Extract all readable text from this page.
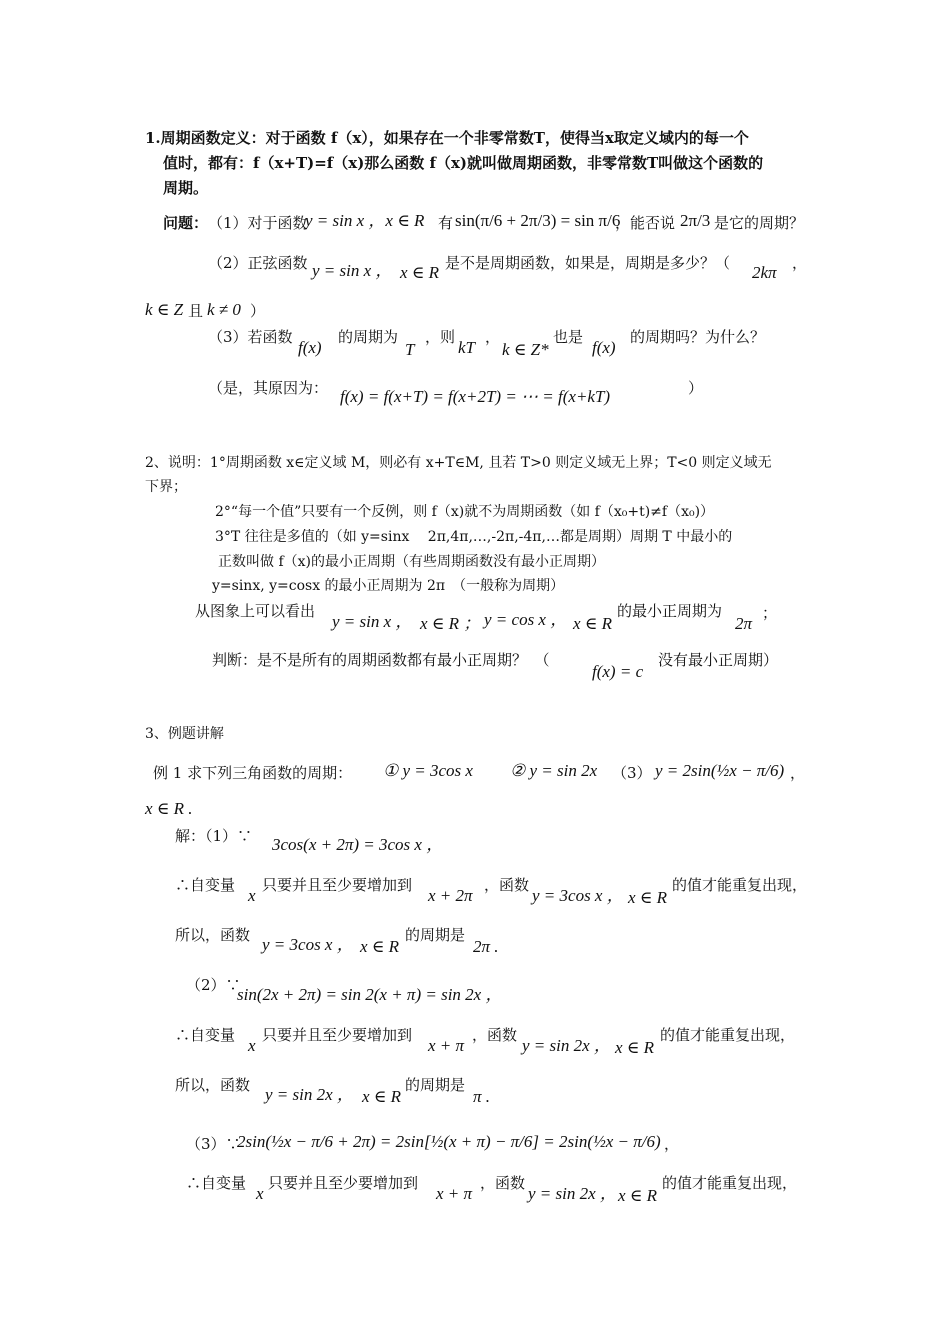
1.周期函数定义：对于函数 f（x），如果存在一个非零常数T，使得当x取定义域内的每一个
值时，都有：f（x+T)=f（x)那么函数 f（x)就叫做周期函数，非零常数T叫做这个函数的
周期。
问题： （1）对于函数
y = sin x ，x ∈ R 有 sin(π/6 + 2π/3) = sin π/6
，能否说 2π/3 是它的周期？
（2）正弦函数 y = sin x ， x ∈ R 是不是周期函数，如果是，周期是多少？（ 2kπ ，
k ∈ Z 且 k ≠ 0 ）
（3）若函数
f(x)
的周期为
T
，则
kT
，
k ∈ Z*
也是
f(x)
的周期吗？为什么？
（是，其原因为： f(x) = f(x+T) = f(x+2T) = ⋯ = f(x+kT)	）
2、说明：1°周期函数 x∈定义域 M，则必有 x+T∈M, 且若 T>0 则定义域无上界；T<0 则定义域无
下界；
2°“每一个值”只要有一个反例，则 f（x)就不为周期函数（如 f（x₀+t)≠f（x₀)）
3°T 往往是多值的（如 y=sinx　 2π,4π,…,-2π,-4π,…都是周期）周期 T 中最小的
正数叫做 f（x)的最小正周期（有些周期函数没有最小正周期）
y=sinx, y=cosx 的最小正周期为 2π　（一般称为周期）
从图象上可以看出
y = sin x ， x ∈ R ； y = cos x ， x ∈ R
的最小正周期为
2π
；
判断：是不是所有的周期函数都有最小正周期？　（
f(x) = c
没有最小正周期）
3、例题讲解
例 1 求下列三角函数的周期： ① y = 3cos x ② y = sin 2x （3） y = 2sin(½x − π/6) ，
x ∈ R .
解：（1）∵ 3cos(x + 2π) = 3cos x ，
∴自变量
x
只要并且至少要增加到
x + 2π
，函数
y = 3cos x ， x ∈ R
的值才能重复出现，
所以，函数 y = 3cos x ， x ∈ R
的周期是
2π .
（2）∵
sin(2x + 2π) = sin 2(x + π) = sin 2x ，
∴自变量
x
只要并且至少要增加到
x + π
，函数
y = sin 2x ， x ∈ R
的值才能重复出现，
所以，函数 y = sin 2x ， x ∈ R
的周期是
π .
（3）∵
2sin(½x − π/6 + 2π) = 2sin[½(x + π) − π/6] = 2sin(½x − π/6) ，
∴自变量
x
只要并且至少要增加到
x + π
，函数
y = sin 2x ， x ∈ R
的值才能重复出现，
